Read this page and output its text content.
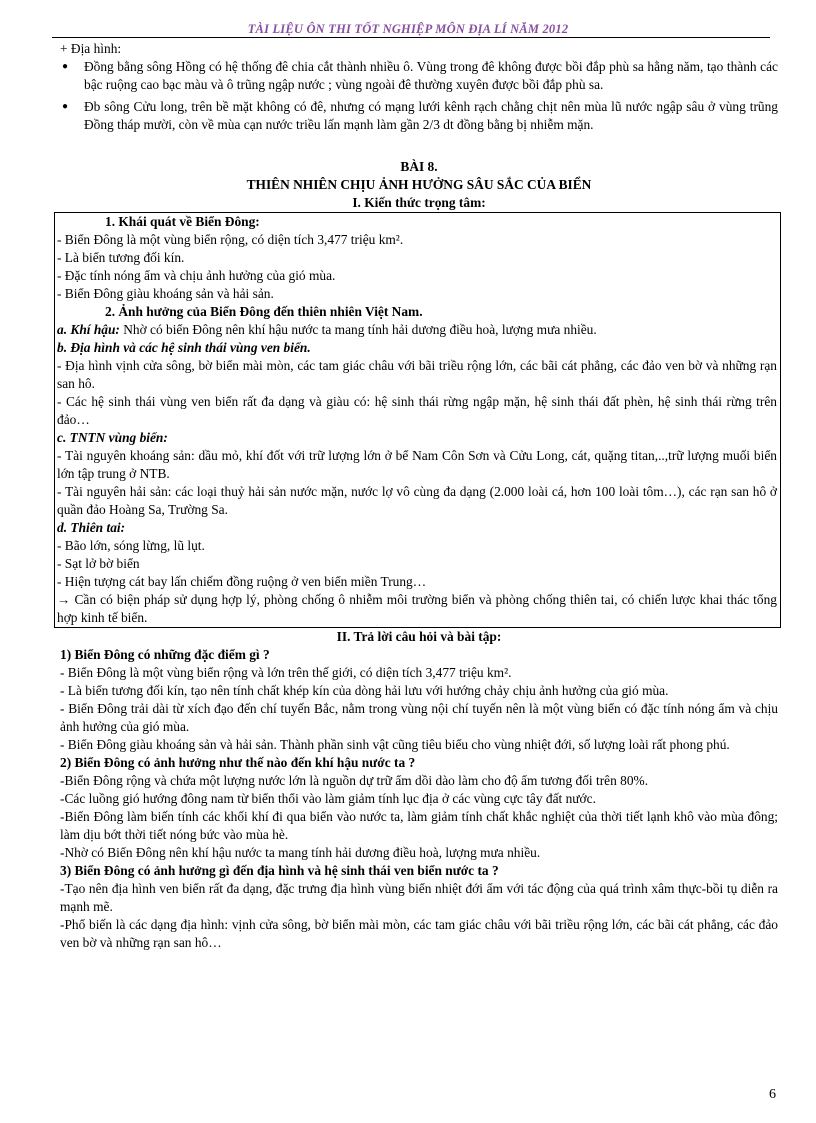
TÀI LIỆU ÔN THI TỐT NGHIỆP MÔN ĐỊA LÍ NĂM 2012

+ Địa hình:

● Đồng bằng sông Hồng có hệ thống đê chia cắt thành nhiều ô. Vùng trong đê không được bồi đắp phù sa hằng năm, tạo thành các bậc ruộng cao bạc màu và ô trũng ngập nước ; vùng ngoài đê thường xuyên được bồi đắp phù sa.
● Đb sông Cửu long, trên bề mặt không có đê, nhưng có mạng lưới kênh rạch chằng chịt nên mùa lũ nước ngập sâu ở vùng trũng Đồng tháp mười, còn về mùa cạn nước triều lấn mạnh làm gần 2/3 dt đồng bằng bị nhiễm mặn.

BÀI 8.

THIÊN NHIÊN CHỊU ẢNH HƯỞNG SÂU SẮC CỦA BIỂN

I. Kiến thức trọng tâm:

1. Khái quát về Biển Đông:

- Biển Đông là một vùng biển rộng, có diện tích 3,477 triệu km².

- Là biển tương đối kín.

- Đặc tính nóng ẩm và chịu ảnh hưởng của gió mùa.

- Biển Đông giàu khoáng sản và hải sản.

2. Ảnh hưởng của Biển Đông đến thiên nhiên Việt Nam.

a. Khí hậu: Nhờ có biển Đông nên khí hậu nước ta mang tính hải dương điều hoà, lượng mưa nhiều.

b. Địa hình và các hệ sinh thái vùng ven biển.

- Địa hình vịnh cửa sông, bờ biển mài mòn, các tam giác châu với bãi triều rộng lớn, các bãi cát phẳng, các đảo ven bờ và những rạn san hô.

- Các hệ sinh thái vùng ven biển rất đa dạng và giàu có: hệ sinh thái rừng ngập mặn, hệ sinh thái đất phèn, hệ sinh thái rừng trên đảo…

c. TNTN vùng biển:

- Tài nguyên khoáng sản: dầu mỏ, khí đốt với trữ lượng lớn ở bể Nam Côn Sơn và Cửu Long, cát, quặng titan,..,trữ lượng muối biển lớn tập trung ở NTB.

- Tài nguyên hải sản: các loại thuỷ hải sản nước mặn, nước lợ vô cùng đa dạng (2.000 loài cá, hơn 100 loài tôm…), các rạn san hô ở quần đảo Hoàng Sa, Trường Sa.

d. Thiên tai:

- Bão lớn, sóng lừng, lũ lụt.

- Sạt lở bờ biển

- Hiện tượng cát bay lấn chiếm đồng ruộng ở ven biển miền Trung…

→ Cần có biện pháp sử dụng hợp lý, phòng chống ô nhiễm môi trường biển và phòng chống thiên tai, có chiến lược khai thác tổng hợp kinh tế biển.

II. Trả lời câu hỏi và bài tập:

1) Biển Đông có những đặc điểm gì ?

- Biển Đông là một vùng biển rộng và lớn trên thế giới, có diện tích 3,477 triệu km².

- Là biển tương đối kín, tạo nên tính chất khép kín của dòng hải lưu với hướng chảy chịu ảnh hưởng của gió mùa.

- Biển Đông trải dài từ xích đạo đến chí tuyến Bắc, nằm trong vùng nội chí tuyến nên là một vùng biển có đặc tính nóng ẩm và chịu ảnh hưởng của gió mùa.

- Biển Đông giàu khoáng sản và hải sản. Thành phần sinh vật cũng tiêu biểu cho vùng nhiệt đới, số lượng loài rất phong phú.

2) Biển Đông có ảnh hưởng như thế nào đến khí hậu nước ta ?

-Biển Đông rộng và chứa một lượng nước lớn là nguồn dự trữ ẩm dồi dào làm cho độ ẩm tương đối trên 80%.

-Các luồng gió hướng đông nam từ biển thổi vào làm giảm tính lục địa ở các vùng cực tây đất nước.

-Biển Đông làm biến tính các khối khí đi qua biển vào nước ta, làm giảm tính chất khắc nghiệt của thời tiết lạnh khô vào mùa đông; làm dịu bớt thời tiết nóng bức vào mùa hè.

-Nhờ có Biển Đông nên khí hậu nước ta mang tính hải dương điều hoà, lượng mưa nhiều.

3) Biển Đông có ảnh hưởng gì đến địa hình và hệ sinh thái ven biển nước ta ?

-Tạo nên địa hình ven biển rất đa dạng, đặc trưng địa hình vùng biển nhiệt đới ẩm với tác động của quá trình xâm thực-bồi tụ diễn ra mạnh mẽ.

-Phổ biến là các dạng địa hình: vịnh cửa sông, bờ biển mài mòn, các tam giác châu với bãi triều rộng lớn, các bãi cát phẳng, các đảo ven bờ và những rạn san hô…

6
